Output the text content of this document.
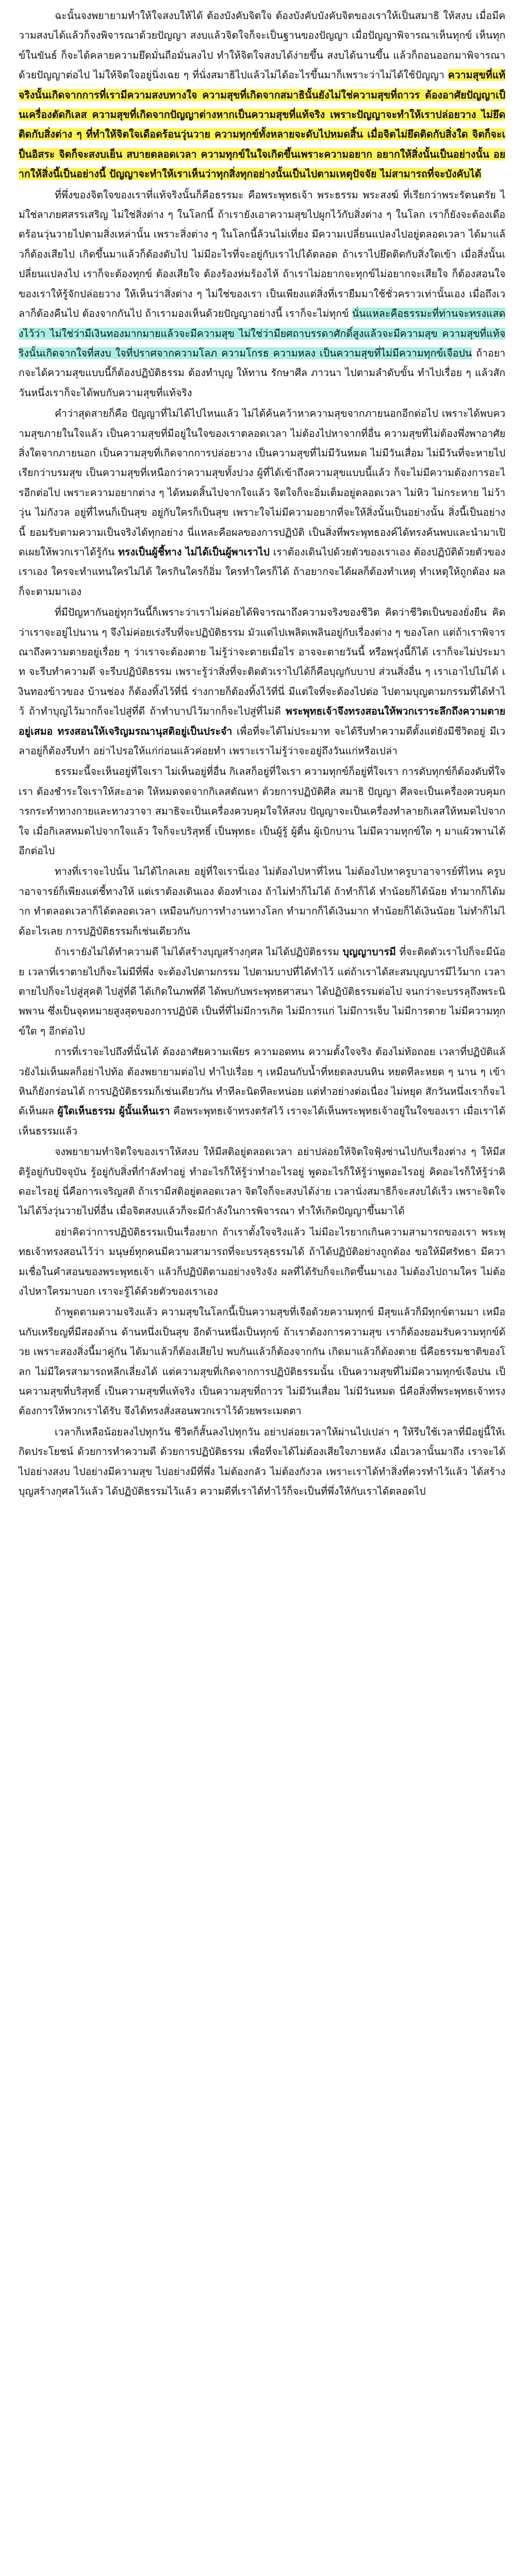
ฉะนั้นจงพยายามทำให้ใจสงบให้ได้ ต้องบังคับจิตใจ ต้องบังคับบังคับจิตของเราให้เป็นสมาธิ ให้สงบ เมื่อมีความสงบได้แล้วก็จงพิจารณาด้วยปัญญา สงบแล้วจิตใจก็จะเป็นฐานของปัญญา เมื่อปัญญาพิจารณาเห็นทุกข์ เห็นทุกข์ในขันธ์ ก็จะได้คลายความยึดมั่นถือมั่นลงไป ทำให้จิตใจสงบได้ง่ายขึ้น สงบได้นานขึ้น แล้วก็ถอนออกมาพิจารณาด้วยปัญญาต่อไป ไม่ให้จิตใจอยู่นิ่งเฉย ๆ ที่นั่งสมาธิไปแล้วไม่ได้อะไรขึ้นมาก็เพราะว่าไม่ได้ใช้ปัญญา ความสุขที่แท้จริงนั้นเกิดจากการที่เรามีความสงบทางใจ ความสุขที่เกิดจากสมาธินั้นยังไม่ใช่ความสุขที่ถาวร ต้องอาศัยปัญญาเป็นเครื่องตัดกิเลส ความสุขที่เกิดจากปัญญาต่างหากเป็นความสุขที่แท้จริง เพราะปัญญาจะทำให้เราปล่อยวาง ไม่ยึดติดกับสิ่งต่าง ๆ ที่ทำให้จิตใจเดือดร้อนวุ่นวาย ความทุกข์ทั้งหลายจะดับไปหมดสิ้น เมื่อจิตไม่ยึดติดกับสิ่งใด จิตก็จะเป็นอิสระ จิตก็จะสงบเย็น สบายตลอดเวลา ความทุกข์ในใจเกิดขึ้นเพราะความอยาก อยากให้สิ่งนั้นเป็นอย่างนั้น อยากให้สิ่งนี้เป็นอย่างนี้ ปัญญาจะทำให้เราเห็นว่าทุกสิ่งทุกอย่างนั้นเป็นไปตามเหตุปัจจัย ไม่สามารถที่จะบังคับได้

ที่พึ่งของจิตใจของเราที่แท้จริงนั้นก็คือธรรมะ คือพระพุทธเจ้า พระธรรม พระสงฆ์ ที่เรียกว่าพระรัตนตรัย ไม่ใช่ลาภยศสรรเสริญ ไม่ใช่สิ่งต่าง ๆ ในโลกนี้ ถ้าเรายังเอาความสุขไปผูกไว้กับสิ่งต่าง ๆ ในโลก เราก็ยังจะต้องเดือดร้อนวุ่นวายไปตามสิ่งเหล่านั้น เพราะสิ่งต่าง ๆ ในโลกนี้ล้วนไม่เที่ยง มีความเปลี่ยนแปลงไปอยู่ตลอดเวลา ได้มาแล้วก็ต้องเสียไป เกิดขึ้นมาแล้วก็ต้องดับไป ไม่มีอะไรที่จะอยู่กับเราไปได้ตลอด ถ้าเราไปยึดติดกับสิ่งใดเข้า เมื่อสิ่งนั้นเปลี่ยนแปลงไป เราก็จะต้องทุกข์ ต้องเสียใจ ต้องร้องห่มร้องไห้ ถ้าเราไม่อยากจะทุกข์ไม่อยากจะเสียใจ ก็ต้องสอนใจของเราให้รู้จักปล่อยวาง ให้เห็นว่าสิ่งต่าง ๆ ไม่ใช่ของเรา เป็นเพียงแต่สิ่งที่เรายืมมาใช้ชั่วคราวเท่านั้นเอง เมื่อถึงเวลาก็ต้องคืนไป ต้องจากกันไป ถ้าเรามองเห็นด้วยปัญญาอย่างนี้ เราก็จะไม่ทุกข์ นั่นแหละคือธรรมะที่ท่านจะทรงแสดงไว้ว่า ไม่ใช่ว่ามีเงินทองมากมายแล้วจะมีความสุข ไม่ใช่ว่ามียศถาบรรดาศักดิ์สูงแล้วจะมีความสุข ความสุขที่แท้จริงนั้นเกิดจากใจที่สงบ ใจที่ปราศจากความโลภ ความโกรธ ความหลง เป็นความสุขที่ไม่มีความทุกข์เจือปน ถ้าอยากจะได้ความสุขแบบนี้ก็ต้องปฏิบัติธรรม ต้องทำบุญ ให้ทาน รักษาศีล ภาวนา ไปตามลำดับขั้น ทำไปเรื่อย ๆ แล้วสักวันหนึ่งเราก็จะได้พบกับความสุขที่แท้จริง

คำว่าสุดสายก็คือ ปัญญาที่ไม่ได้ไปไหนแล้ว ไม่ได้ค้นคว้าหาความสุขจากภายนอกอีกต่อไป เพราะได้พบความสุขภายในใจแล้ว เป็นความสุขที่มีอยู่ในใจของเราตลอดเวลา ไม่ต้องไปหาจากที่อื่น ความสุขที่ไม่ต้องพึ่งพาอาศัยสิ่งใดจากภายนอก เป็นความสุขที่เกิดจากการปล่อยวาง เป็นความสุขที่ไม่มีวันหมด ไม่มีวันเสื่อม ไม่มีวันที่จะหายไป เรียกว่าบรมสุข เป็นความสุขที่เหนือกว่าความสุขทั้งปวง ผู้ที่ได้เข้าถึงความสุขแบบนี้แล้ว ก็จะไม่มีความต้องการอะไรอีกต่อไป เพราะความอยากต่าง ๆ ได้หมดสิ้นไปจากใจแล้ว จิตใจก็จะอิ่มเต็มอยู่ตลอดเวลา ไม่หิว ไม่กระหาย ไม่ว้าวุ่น ไม่กังวล อยู่ที่ไหนก็เป็นสุข อยู่กับใครก็เป็นสุข เพราะใจไม่มีความอยากที่จะให้สิ่งนั้นเป็นอย่างนั้น สิ่งนี้เป็นอย่างนี้ ยอมรับตามความเป็นจริงได้ทุกอย่าง นี่แหละคือผลของการปฏิบัติ เป็นสิ่งที่พระพุทธองค์ได้ทรงค้นพบและนำมาเปิดเผยให้พวกเราได้รู้กัน ทรงเป็นผู้ชี้ทาง ไม่ได้เป็นผู้พาเราไป เราต้องเดินไปด้วยตัวของเราเอง ต้องปฏิบัติด้วยตัวของเราเอง ใครจะทำแทนใครไม่ได้ ใครกินใครก็อิ่ม ใครทำใครก็ได้ ถ้าอยากจะได้ผลก็ต้องทำเหตุ ทำเหตุให้ถูกต้อง ผลก็จะตามมาเอง

ที่มีปัญหากันอยู่ทุกวันนี้ก็เพราะว่าเราไม่ค่อยได้พิจารณาถึงความจริงของชีวิต คิดว่าชีวิตเป็นของยั่งยืน คิดว่าเราจะอยู่ไปนาน ๆ จึงไม่ค่อยเร่งรีบที่จะปฏิบัติธรรม มัวแต่ไปเพลิดเพลินอยู่กับเรื่องต่าง ๆ ของโลก แต่ถ้าเราพิจารณาถึงความตายอยู่เรื่อย ๆ ว่าเราจะต้องตาย ไม่รู้ว่าจะตายเมื่อไร อาจจะตายวันนี้ หรือพรุ่งนี้ก็ได้ เราก็จะไม่ประมาท จะรีบทำความดี จะรีบปฏิบัติธรรม เพราะรู้ว่าสิ่งที่จะติดตัวเราไปได้ก็คือบุญกับบาป ส่วนสิ่งอื่น ๆ เราเอาไปไม่ได้ เงินทองข้าวของ บ้านช่อง ก็ต้องทิ้งไว้ที่นี่ ร่างกายก็ต้องทิ้งไว้ที่นี่ มีแต่ใจที่จะต้องไปต่อ ไปตามบุญตามกรรมที่ได้ทำไว้ ถ้าทำบุญไว้มากก็จะไปสู่ที่ดี ถ้าทำบาปไว้มากก็จะไปสู่ที่ไม่ดี พระพุทธเจ้าจึงทรงสอนให้พวกเราระลึกถึงความตายอยู่เสมอ ทรงสอนให้เจริญมรณานุสติอยู่เป็นประจำ เพื่อที่จะได้ไม่ประมาท จะได้รีบทำความดีตั้งแต่ยังมีชีวิตอยู่ มีเวลาอยู่ก็ต้องรีบทำ อย่าไปรอให้แก่ก่อนแล้วค่อยทำ เพราะเราไม่รู้ว่าจะอยู่ถึงวันแก่หรือเปล่า

ธรรมะนี้จะเห็นอยู่ที่ใจเรา ไม่เห็นอยู่ที่อื่น กิเลสก็อยู่ที่ใจเรา ความทุกข์ก็อยู่ที่ใจเรา การดับทุกข์ก็ต้องดับที่ใจเรา ต้องชำระใจเราให้สะอาด ให้หมดจดจากกิเลสตัณหา ด้วยการปฏิบัติศีล สมาธิ ปัญญา ศีลจะเป็นเครื่องควบคุมการกระทำทางกายและทางวาจา สมาธิจะเป็นเครื่องควบคุมใจให้สงบ ปัญญาจะเป็นเครื่องทำลายกิเลสให้หมดไปจากใจ เมื่อกิเลสหมดไปจากใจแล้ว ใจก็จะบริสุทธิ์ เป็นพุทธะ เป็นผู้รู้ ผู้ตื่น ผู้เบิกบาน ไม่มีความทุกข์ใด ๆ มาแผ้วพานได้อีกต่อไป

ทางที่เราจะไปนั้น ไม่ได้ไกลเลย อยู่ที่ใจเรานี่เอง ไม่ต้องไปหาที่ไหน ไม่ต้องไปหาครูบาอาจารย์ที่ไหน ครูบาอาจารย์ก็เพียงแต่ชี้ทางให้ แต่เราต้องเดินเอง ต้องทำเอง ถ้าไม่ทำก็ไม่ได้ ถ้าทำก็ได้ ทำน้อยก็ได้น้อย ทำมากก็ได้มาก ทำตลอดเวลาก็ได้ตลอดเวลา เหมือนกับการทำงานทางโลก ทำมากก็ได้เงินมาก ทำน้อยก็ได้เงินน้อย ไม่ทำก็ไม่ได้อะไรเลย การปฏิบัติธรรมก็เช่นเดียวกัน

ถ้าเรายังไม่ได้ทำความดี ไม่ได้สร้างบุญสร้างกุศล ไม่ได้ปฏิบัติธรรม บุญญาบารมี ที่จะติดตัวเราไปก็จะมีน้อย เวลาที่เราตายไปก็จะไม่มีที่พึ่ง จะต้องไปตามกรรม ไปตามบาปที่ได้ทำไว้ แต่ถ้าเราได้สะสมบุญบารมีไว้มาก เวลาตายไปก็จะไปสู่สุคติ ไปสู่ที่ดี ได้เกิดในภพที่ดี ได้พบกับพระพุทธศาสนา ได้ปฏิบัติธรรมต่อไป จนกว่าจะบรรลุถึงพระนิพพาน ซึ่งเป็นจุดหมายสูงสุดของการปฏิบัติ เป็นที่ที่ไม่มีการเกิด ไม่มีการแก่ ไม่มีการเจ็บ ไม่มีการตาย ไม่มีความทุกข์ใด ๆ อีกต่อไป

การที่เราจะไปถึงที่นั้นได้ ต้องอาศัยความเพียร ความอดทน ความตั้งใจจริง ต้องไม่ท้อถอย เวลาที่ปฏิบัติแล้วยังไม่เห็นผลก็อย่าไปท้อ ต้องพยายามต่อไป ทำไปเรื่อย ๆ เหมือนกับน้ำที่หยดลงบนหิน หยดทีละหยด ๆ นาน ๆ เข้าหินก็ยังกร่อนได้ การปฏิบัติธรรมก็เช่นเดียวกัน ทำทีละนิดทีละหน่อย แต่ทำอย่างต่อเนื่อง ไม่หยุด สักวันหนึ่งเราก็จะได้เห็นผล ผู้ใดเห็นธรรม ผู้นั้นเห็นเรา คือพระพุทธเจ้าทรงตรัสไว้ เราจะได้เห็นพระพุทธเจ้าอยู่ในใจของเรา เมื่อเราได้เห็นธรรมแล้ว

จงพยายามทำจิตใจของเราให้สงบ ให้มีสติอยู่ตลอดเวลา อย่าปล่อยให้จิตใจฟุ้งซ่านไปกับเรื่องต่าง ๆ ให้มีสติรู้อยู่กับปัจจุบัน รู้อยู่กับสิ่งที่กำลังทำอยู่ ทำอะไรก็ให้รู้ว่าทำอะไรอยู่ พูดอะไรก็ให้รู้ว่าพูดอะไรอยู่ คิดอะไรก็ให้รู้ว่าคิดอะไรอยู่ นี่คือการเจริญสติ ถ้าเรามีสติอยู่ตลอดเวลา จิตใจก็จะสงบได้ง่าย เวลานั่งสมาธิก็จะสงบได้เร็ว เพราะจิตใจไม่ได้วิ่งวุ่นวายไปที่อื่น เมื่อจิตสงบแล้วก็จะมีกำลังในการพิจารณา ทำให้เกิดปัญญาขึ้นมาได้

อย่าคิดว่าการปฏิบัติธรรมเป็นเรื่องยาก ถ้าเราตั้งใจจริงแล้ว ไม่มีอะไรยากเกินความสามารถของเรา พระพุทธเจ้าทรงสอนไว้ว่า มนุษย์ทุกคนมีความสามารถที่จะบรรลุธรรมได้ ถ้าได้ปฏิบัติอย่างถูกต้อง ขอให้มีศรัทธา มีความเชื่อในคำสอนของพระพุทธเจ้า แล้วก็ปฏิบัติตามอย่างจริงจัง ผลที่ได้รับก็จะเกิดขึ้นมาเอง ไม่ต้องไปถามใคร ไม่ต้องไปหาใครมาบอก เราจะรู้ได้ด้วยตัวของเราเอง

ถ้าพูดตามความจริงแล้ว ความสุขในโลกนี้เป็นความสุขที่เจือด้วยความทุกข์ มีสุขแล้วก็มีทุกข์ตามมา เหมือนกับเหรียญที่มีสองด้าน ด้านหนึ่งเป็นสุข อีกด้านหนึ่งเป็นทุกข์ ถ้าเราต้องการความสุข เราก็ต้องยอมรับความทุกข์ด้วย เพราะสองสิ่งนี้มาคู่กัน ได้มาแล้วก็ต้องเสียไป พบกันแล้วก็ต้องจากกัน เกิดมาแล้วก็ต้องตาย นี่คือธรรมชาติของโลก ไม่มีใครสามารถหลีกเลี่ยงได้ แต่ความสุขที่เกิดจากการปฏิบัติธรรมนั้น เป็นความสุขที่ไม่มีความทุกข์เจือปน เป็นความสุขที่บริสุทธิ์ เป็นความสุขที่แท้จริง เป็นความสุขที่ถาวร ไม่มีวันเสื่อม ไม่มีวันหมด นี่คือสิ่งที่พระพุทธเจ้าทรงต้องการให้พวกเราได้รับ จึงได้ทรงสั่งสอนพวกเราไว้ด้วยพระเมตตา

เวลาก็เหลือน้อยลงไปทุกวัน ชีวิตก็สั้นลงไปทุกวัน อย่าปล่อยเวลาให้ผ่านไปเปล่า ๆ ให้รีบใช้เวลาที่มีอยู่นี้ให้เกิดประโยชน์ ด้วยการทำความดี ด้วยการปฏิบัติธรรม เพื่อที่จะได้ไม่ต้องเสียใจภายหลัง เมื่อเวลานั้นมาถึง เราจะได้ไปอย่างสงบ ไปอย่างมีความสุข ไปอย่างมีที่พึ่ง ไม่ต้องกลัว ไม่ต้องกังวล เพราะเราได้ทำสิ่งที่ควรทำไว้แล้ว ได้สร้างบุญสร้างกุศลไว้แล้ว ได้ปฏิบัติธรรมไว้แล้ว ความดีที่เราได้ทำไว้ก็จะเป็นที่พึ่งให้กับเราได้ตลอดไป
